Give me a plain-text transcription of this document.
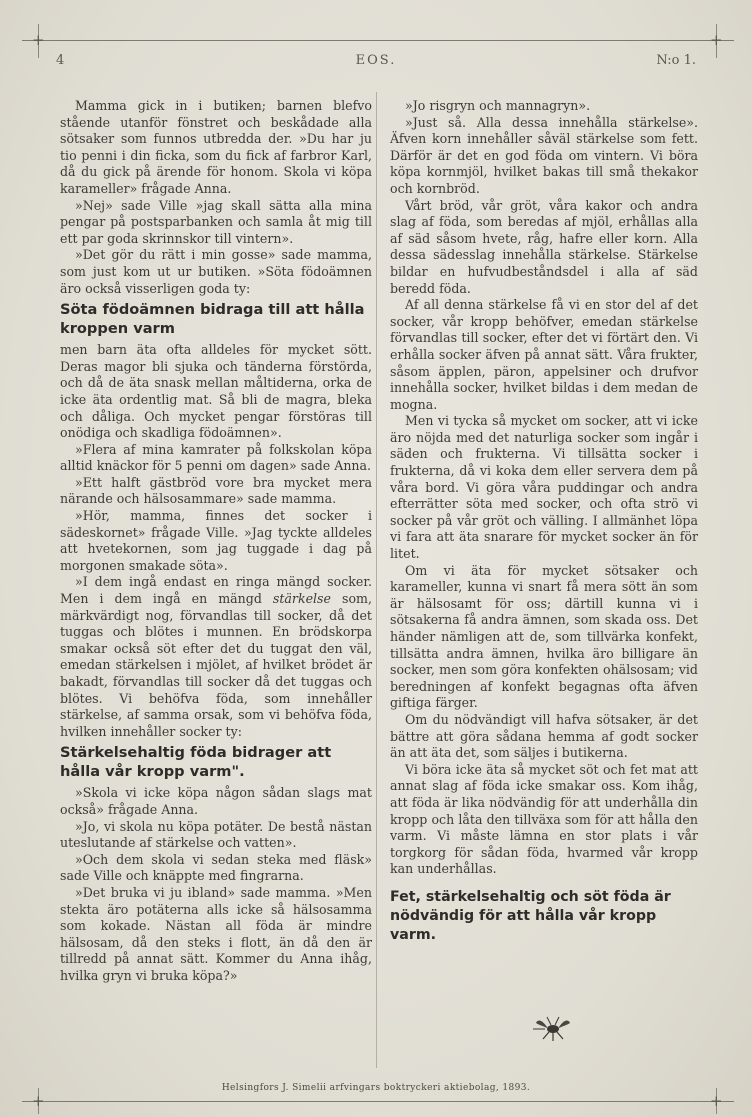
+	+
+	+
4	EOS.	N:o 1.

Mamma gick in i butiken; barnen blefvo stående utanför fönstret och beskådade alla sötsaker som funnos utbredda der. »Du har ju tio penni i din ficka, som du fick af farbror Karl, då du gick på ärende för honom. Skola vi köpa karameller» frågade Anna.

»Nej» sade Ville »jag skall sätta alla mina pengar på postsparbanken och samla åt mig till ett par goda skrinnskor till vintern».

»Det gör du rätt i min gosse» sade mamma, som just kom ut ur butiken. »Söta födoämnen äro också visserligen goda ty:

Söta födoämnen bidraga till att hålla kroppen varm

men barn äta ofta alldeles för mycket sött. Deras magor bli sjuka och tänderna förstörda, och då de äta snask mellan måltiderna, orka de icke äta ordentlig mat. Så bli de magra, bleka och dåliga. Och mycket pengar förstöras till onödiga och skadliga födoämnen».

»Flera af mina kamrater på folkskolan köpa alltid knäckor för 5 penni om dagen» sade Anna.

»Ett halft gästbröd vore bra mycket mera närande och hälsosammare» sade mamma.

»Hör, mamma, finnes det socker i sädeskornet» frågade Ville. »Jag tyckte alldeles att hvetekornen, som jag tuggade i dag på morgonen smakade söta».

»I dem ingå endast en ringa mängd socker. Men i dem ingå en mängd stärkelse som, märkvärdigt nog, förvandlas till socker, då det tuggas och blötes i munnen. En brödskorpa smakar också söt efter det du tuggat den väl, emedan stärkelsen i mjölet, af hvilket brödet är bakadt, förvandlas till socker då det tuggas och blötes. Vi behöfva föda, som innehåller stärkelse, af samma orsak, som vi behöfva föda, hvilken innehåller socker ty:

Stärkelsehaltig föda bidrager att hålla vår kropp varm".

»Skola vi icke köpa någon sådan slags mat också» frågade Anna.

»Jo, vi skola nu köpa potäter. De bestå nästan uteslutande af stärkelse och vatten».

»Och dem skola vi sedan steka med fläsk» sade Ville och knäppte med fingrarna.

»Det bruka vi ju ibland» sade mamma. »Men stekta äro potäterna alls icke så hälsosamma som kokade. Nästan all föda är mindre hälsosam, då den steks i flott, än då den är tillredd på annat sätt. Kommer du Anna ihåg, hvilka gryn vi bruka köpa?»

»Jo risgryn och mannagryn».

»Just så. Alla dessa innehålla stärkelse». Äfven korn innehåller såväl stärkelse som fett. Därför är det en god föda om vintern. Vi böra köpa kornmjöl, hvilket bakas till små thekakor och kornbröd.

Vårt bröd, vår gröt, våra kakor och andra slag af föda, som beredas af mjöl, erhållas alla af säd såsom hvete, råg, hafre eller korn. Alla dessa sädesslag innehålla stärkelse. Stärkelse bildar en hufvudbeståndsdel i alla af säd beredd föda.

Af all denna stärkelse få vi en stor del af det socker, vår kropp behöfver, emedan stärkelse förvandlas till socker, efter det vi förtärt den. Vi erhålla socker äfven på annat sätt. Våra frukter, såsom äpplen, päron, appelsiner och drufvor innehålla socker, hvilket bildas i dem medan de mogna.

Men vi tycka så mycket om socker, att vi icke äro nöjda med det naturliga socker som ingår i säden och frukterna. Vi tillsätta socker i frukterna, då vi koka dem eller servera dem på våra bord. Vi göra våra puddingar och andra efterrätter söta med socker, och ofta strö vi socker på vår gröt och välling. I allmänhet löpa vi fara att äta snarare för mycket socker än för litet.

Om vi äta för mycket sötsaker och karameller, kunna vi snart få mera sött än som är hälsosamt för oss; därtill kunna vi i sötsakerna få andra ämnen, som skada oss. Det händer nämligen att de, som tillvärka konfekt, tillsätta andra ämnen, hvilka äro billigare än socker, men som göra konfekten ohälsosam; vid beredningen af konfekt begagnas ofta äfven giftiga färger.

Om du nödvändigt vill hafva sötsaker, är det bättre att göra sådana hemma af godt socker än att äta det, som säljes i butikerna.

Vi böra icke äta så mycket söt och fet mat att annat slag af föda icke smakar oss. Kom ihåg, att föda är lika nödvändig för att underhålla din kropp och låta den tillväxa som för att hålla den varm. Vi måste lämna en stor plats i vår torgkorg för sådan föda, hvarmed vår kropp kan underhållas.

Fet, stärkelsehaltig och söt föda är nödvändig för att hålla vår kropp varm.
Helsingfors J. Simelii arfvingars boktryckeri aktiebolag, 1893.
